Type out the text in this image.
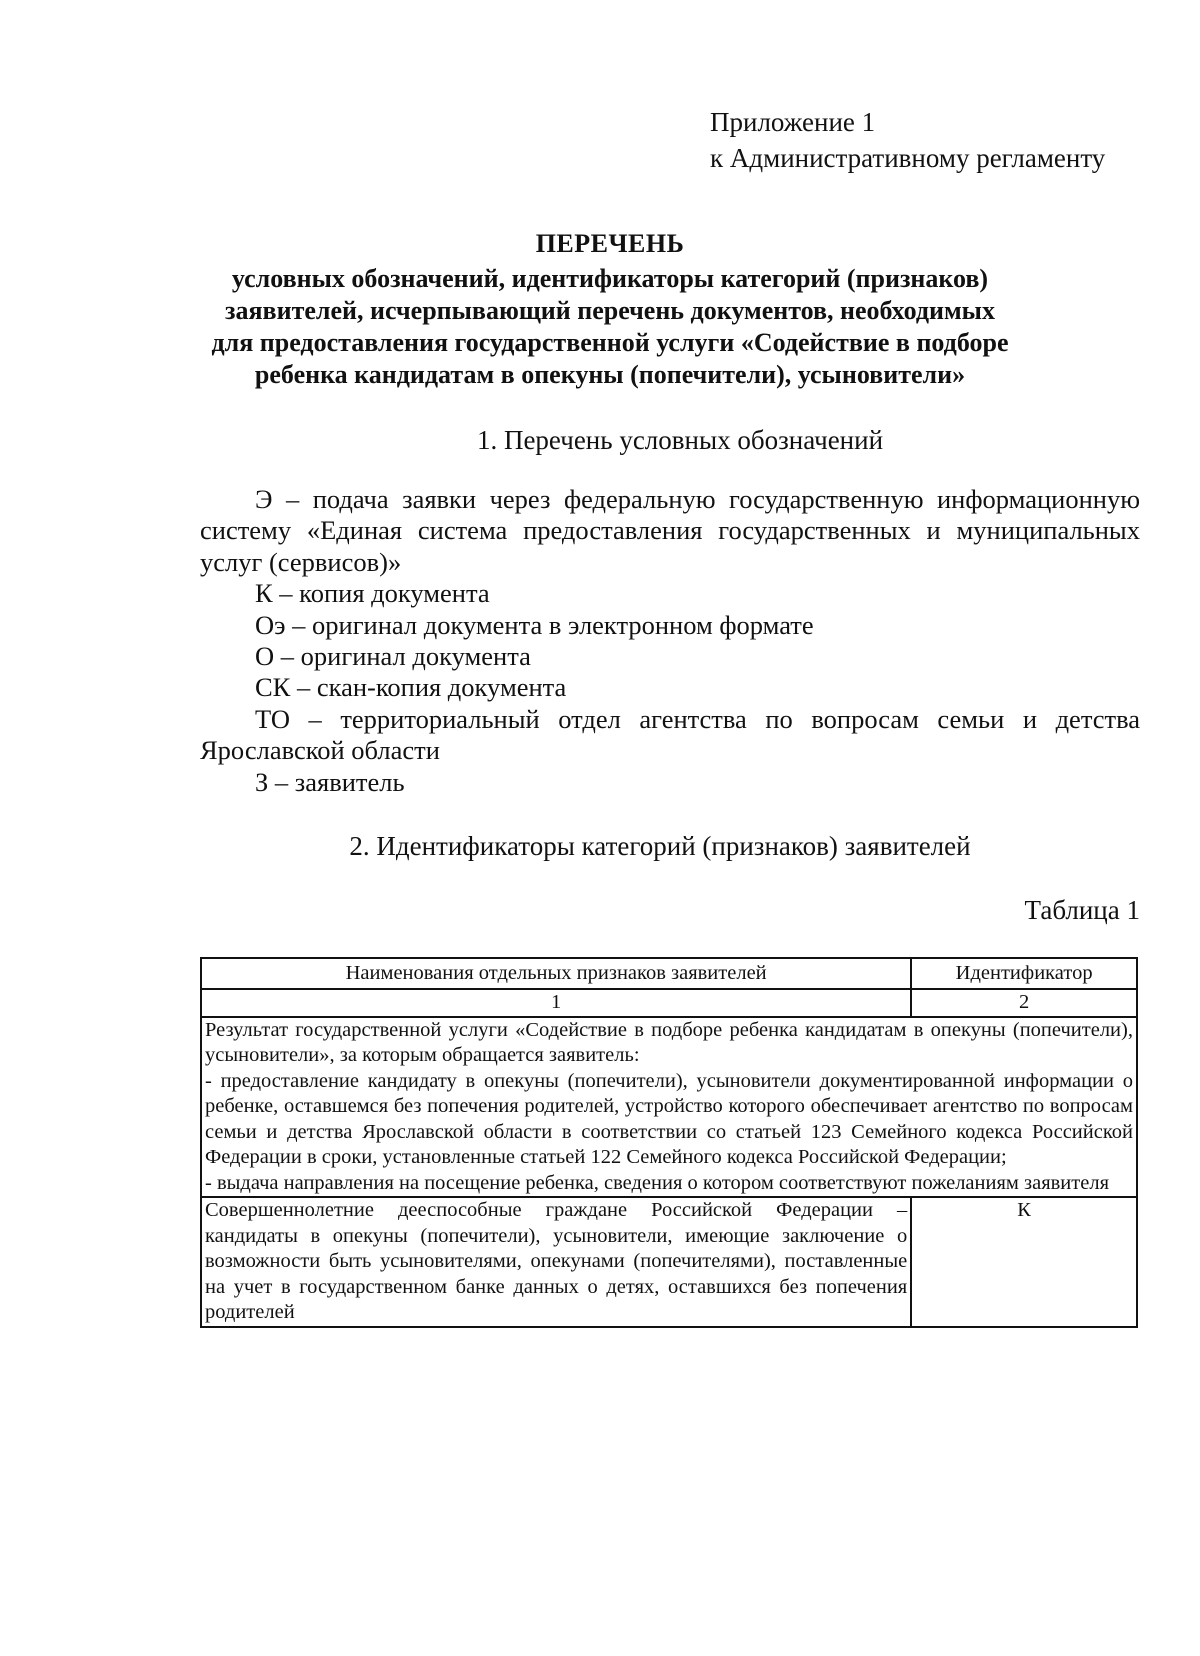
Приложение 1
к Административному регламенту
ПЕРЕЧЕНЬ
условных обозначений, идентификаторы категорий (признаков)
заявителей, исчерпывающий перечень документов, необходимых
для предоставления государственной услуги «Содействие в подборе
ребенка кандидатам в опекуны (попечители), усыновители»
1. Перечень условных обозначений
Э – подача заявки через федеральную государственную информационную систему «Единая система предоставления государственных и муниципальных услуг (сервисов)»
К – копия документа
Оэ – оригинал документа в электронном формате
О – оригинал документа
СК – скан-копия документа
ТО – территориальный отдел агентства по вопросам семьи и детства Ярославской области
З – заявитель
2. Идентификаторы категорий (признаков) заявителей
Таблица 1
Наименования отдельных признаков заявителей	Идентификатор
1	2

Результат государственной услуги «Содействие в подборе ребенка кандидатам в опекуны (попечители), усыновители», за которым обращается заявитель:
- предоставление кандидату в опекуны (попечители), усыновители документированной информации о ребенке, оставшемся без попечения родителей, устройство которого обеспечивает агентство по вопросам семьи и детства Ярославской области в соответствии со статьей 123 Семейного кодекса Российской Федерации в сроки, установленные статьей 122 Семейного кодекса Российской Федерации;
- выдача направления на посещение ребенка, сведения о котором соответствуют пожеланиям заявителя	

Совершеннолетние дееспособные граждане Российской Федерации – кандидаты в опекуны (попечители), усыновители, имеющие заключение о возможности быть усыновителями, опекунами (попечителями), поставленные на учет в государственном банке данных о детях, оставшихся без попечения родителей	К
